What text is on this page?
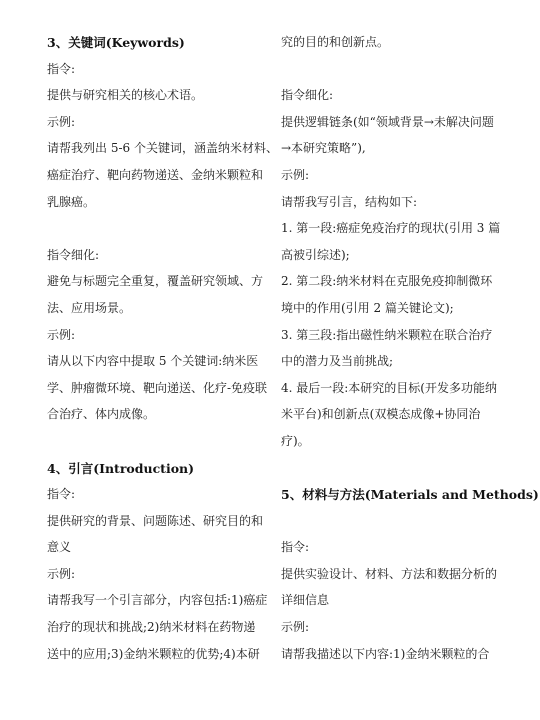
3、关键词(Keywords)
指令:
提供与研究相关的核心术语。
示例:
请帮我列出 5-6 个关键词，涵盖纳米材料、
癌症治疗、靶向药物递送、金纳米颗粒和
乳腺癌。
指令细化:
避免与标题完全重复，覆盖研究领域、方
法、应用场景。
示例:
请从以下内容中提取 5 个关键词:纳米医
学、肿瘤微环境、靶向递送、化疗-免疫联
合治疗、体内成像。
4、引言(Introduction)
指令:
提供研究的背景、问题陈述、研究目的和
意义
示例:
请帮我写一个引言部分，内容包括:1)癌症
治疗的现状和挑战;2)纳米材料在药物递
送中的应用;3)金纳米颗粒的优势;4)本研
究的目的和创新点。
指令细化:
提供逻辑链条(如“领域背景→未解决问题
→本研究策略”),
示例:
请帮我写引言，结构如下:
1. 第一段:癌症免疫治疗的现状(引用 3 篇
高被引综述);
2. 第二段:纳米材料在克服免疫抑制微环
境中的作用(引用 2 篇关键论文);
3. 第三段:指出磁性纳米颗粒在联合治疗
中的潜力及当前挑战;
4. 最后一段:本研究的目标(开发多功能纳
米平台)和创新点(双模态成像+协同治
疗)。
5、材料与方法(Materials and Methods)
指令:
提供实验设计、材料、方法和数据分析的
详细信息
示例:
请帮我描述以下内容:1)金纳米颗粒的合
